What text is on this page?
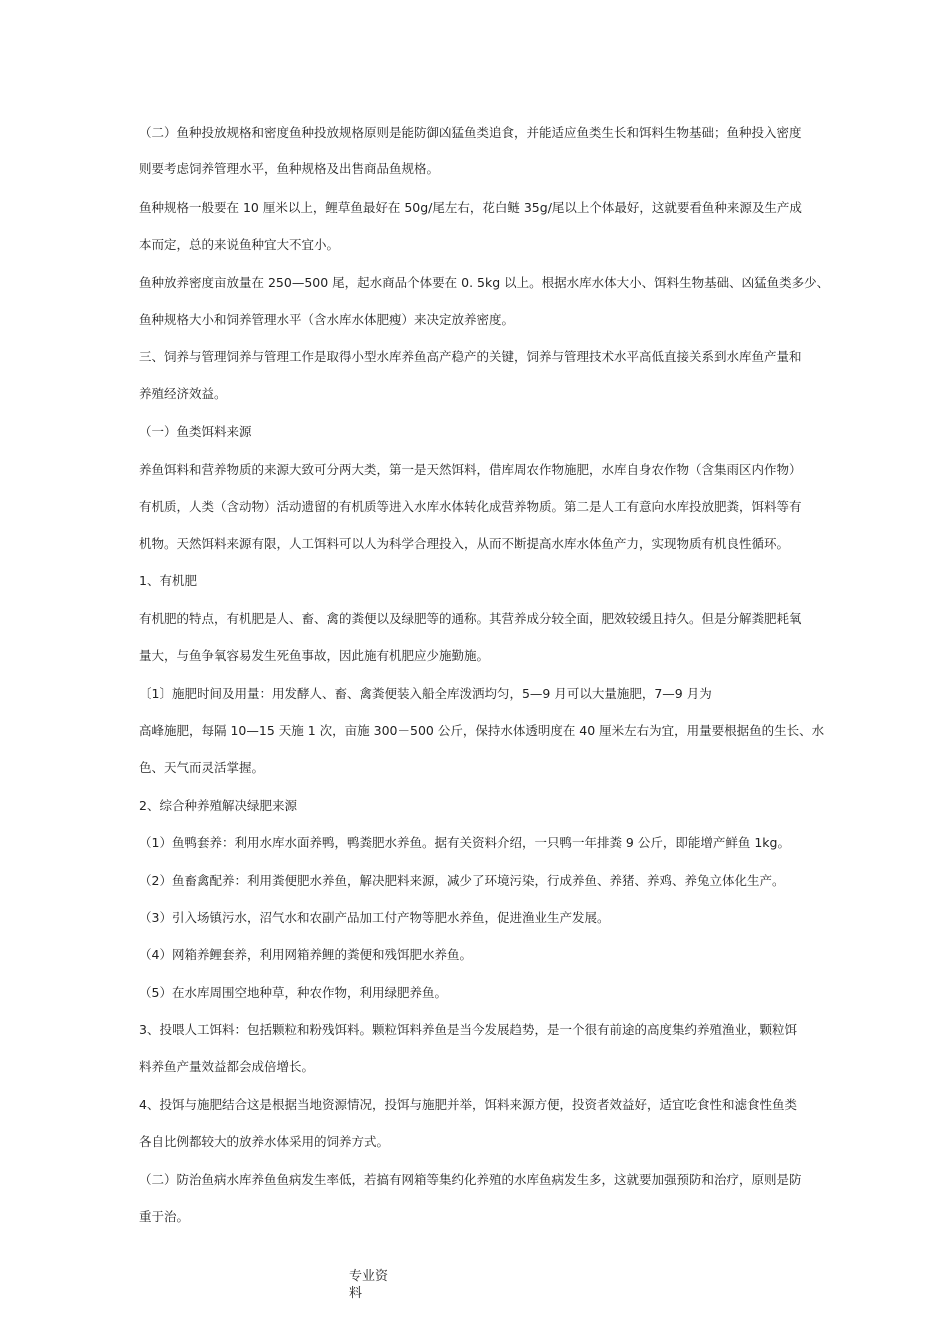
（二）鱼种投放规格和密度鱼种投放规格原则是能防御凶猛鱼类追食，并能适应鱼类生长和饵料生物基础；鱼种投入密度
则要考虑饲养管理水平，鱼种规格及出售商品鱼规格。
鱼种规格一般要在 10 厘米以上，鲤草鱼最好在 50g/尾左右，花白鲢 35g/尾以上个体最好，这就要看鱼种来源及生产成
本而定，总的来说鱼种宜大不宜小。
鱼种放养密度亩放量在 250—500 尾，起水商品个体要在 0. 5kg 以上。根据水库水体大小、饵料生物基础、凶猛鱼类多少、
鱼种规格大小和饲养管理水平（含水库水体肥瘦）来决定放养密度。
三、饲养与管理饲养与管理工作是取得小型水库养鱼高产稳产的关键，饲养与管理技术水平高低直接关系到水库鱼产量和
养殖经济效益。
（一）鱼类饵料来源
养鱼饵料和营养物质的来源大致可分两大类，第一是天然饵料，借库周农作物施肥，水库自身农作物（含集雨区内作物）
有机质，人类（含动物）活动遗留的有机质等进入水库水体转化成营养物质。第二是人工有意向水库投放肥粪，饵料等有
机物。天然饵料来源有限，人工饵料可以人为科学合理投入，从而不断提高水库水体鱼产力，实现物质有机良性循环。
1、有机肥
有机肥的特点，有机肥是人、畜、禽的粪便以及绿肥等的通称。其营养成分较全面，肥效较缓且持久。但是分解粪肥耗氧
量大，与鱼争氧容易发生死鱼事故，因此施有机肥应少施勤施。
〔1〕施肥时间及用量：用发酵人、畜、禽粪便装入船全库泼洒均匀，5—9 月可以大量施肥，7—9 月为
高峰施肥，每隔 10—15 天施 1 次，亩施 300－500 公斤，保持水体透明度在 40 厘米左右为宜，用量要根据鱼的生长、水
色、天气而灵活掌握。
2、综合种养殖解决绿肥来源
（1）鱼鸭套养：利用水库水面养鸭，鸭粪肥水养鱼。据有关资料介绍，一只鸭一年排粪 9 公斤，即能增产鲜鱼 1kg。
（2）鱼畜禽配养：利用粪便肥水养鱼，解决肥料来源，减少了环境污染，行成养鱼、养猪、养鸡、养兔立体化生产。
（3）引入场镇污水，沼气水和农副产品加工付产物等肥水养鱼，促进渔业生产发展。
（4）网箱养鲤套养，利用网箱养鲤的粪便和残饵肥水养鱼。
（5）在水库周围空地种草，种农作物，利用绿肥养鱼。
3、投喂人工饵料：包括颗粒和粉残饵料。颗粒饵料养鱼是当今发展趋势，是一个很有前途的高度集约养殖渔业，颗粒饵
料养鱼产量效益都会成倍增长。
4、投饵与施肥结合这是根据当地资源情况，投饵与施肥并举，饵料来源方便，投资者效益好，适宜吃食性和滤食性鱼类
各自比例都较大的放养水体采用的饲养方式。
（二）防治鱼病水库养鱼鱼病发生率低，若搞有网箱等集约化养殖的水库鱼病发生多，这就要加强预防和治疗，原则是防
重于治。
专业资
料
